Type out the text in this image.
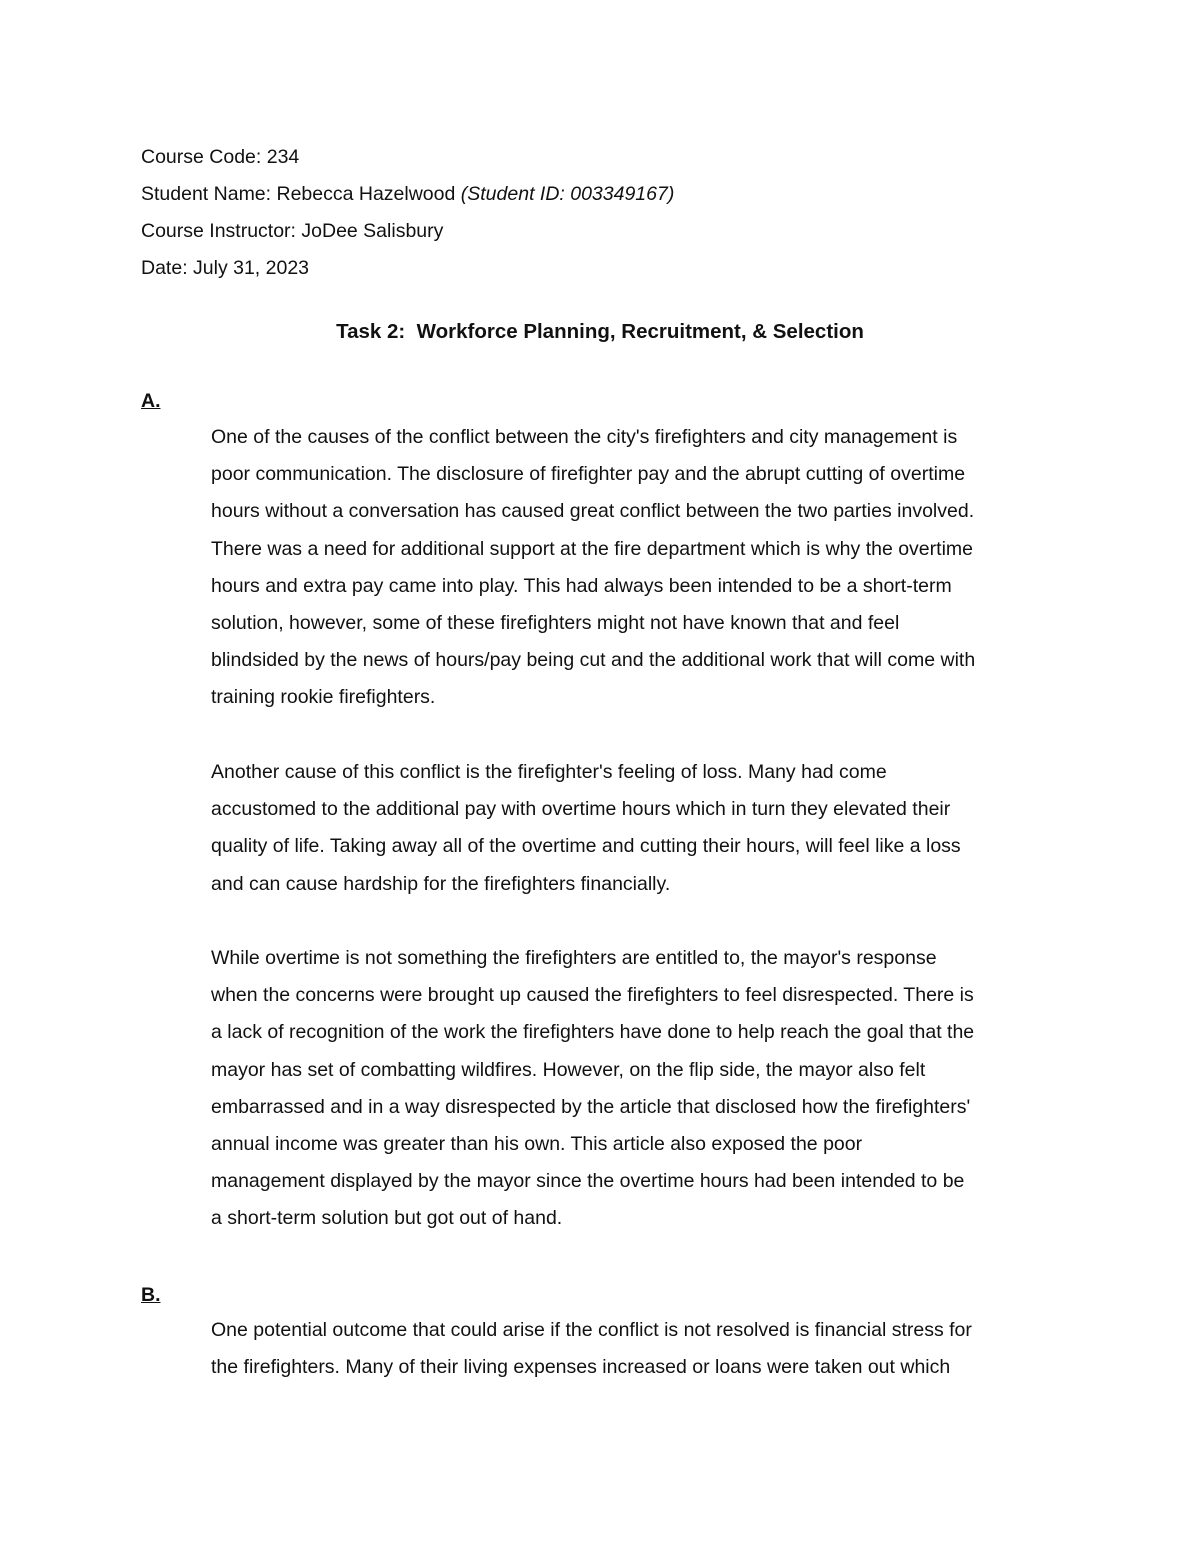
Course Code: 234
Student Name: Rebecca Hazelwood (Student ID: 003349167)
Course Instructor: JoDee Salisbury
Date: July 31, 2023
Task 2:  Workforce Planning, Recruitment, & Selection
A.
One of the causes of the conflict between the city's firefighters and city management is
poor communication. The disclosure of firefighter pay and the abrupt cutting of overtime
hours without a conversation has caused great conflict between the two parties involved.
There was a need for additional support at the fire department which is why the overtime
hours and extra pay came into play. This had always been intended to be a short-term
solution, however, some of these firefighters might not have known that and feel
blindsided by the news of hours/pay being cut and the additional work that will come with
training rookie firefighters.
Another cause of this conflict is the firefighter's feeling of loss. Many had come
accustomed to the additional pay with overtime hours which in turn they elevated their
quality of life. Taking away all of the overtime and cutting their hours, will feel like a loss
and can cause hardship for the firefighters financially.
While overtime is not something the firefighters are entitled to, the mayor's response
when the concerns were brought up caused the firefighters to feel disrespected. There is
a lack of recognition of the work the firefighters have done to help reach the goal that the
mayor has set of combatting wildfires. However, on the flip side, the mayor also felt
embarrassed and in a way disrespected by the article that disclosed how the firefighters'
annual income was greater than his own. This article also exposed the poor
management displayed by the mayor since the overtime hours had been intended to be
a short-term solution but got out of hand.
B.
One potential outcome that could arise if the conflict is not resolved is financial stress for
the firefighters. Many of their living expenses increased or loans were taken out which
